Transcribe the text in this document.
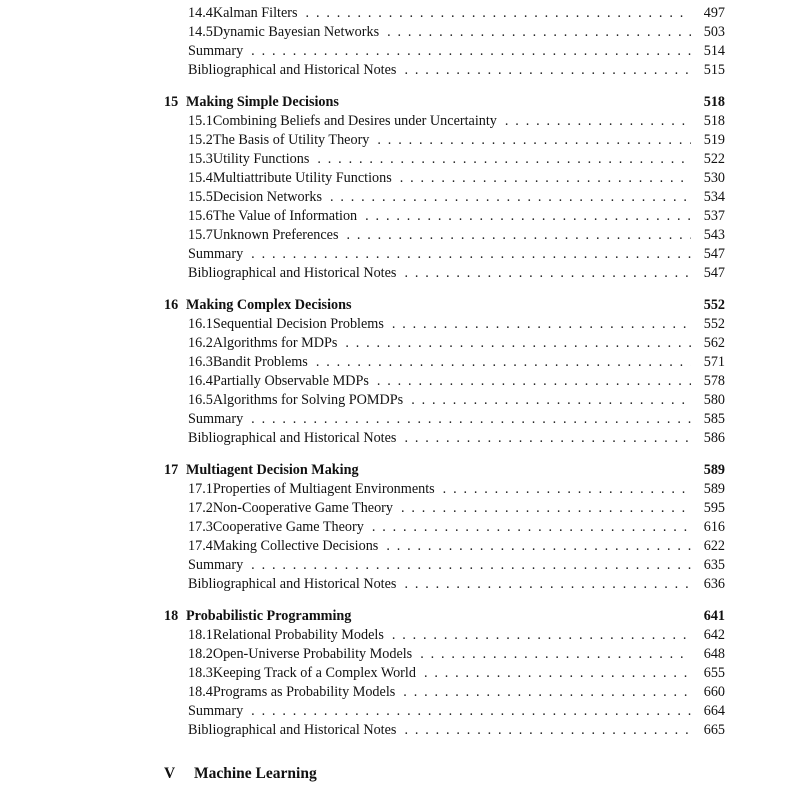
14.4 Kalman Filters . . .	497
14.5 Dynamic Bayesian Networks . . .	503
Summary . . .	514
Bibliographical and Historical Notes . . .	515
15 Making Simple Decisions	518
15.1 Combining Beliefs and Desires under Uncertainty . . .	518
15.2 The Basis of Utility Theory . . .	519
15.3 Utility Functions . . .	522
15.4 Multiattribute Utility Functions . . .	530
15.5 Decision Networks . . .	534
15.6 The Value of Information . . .	537
15.7 Unknown Preferences . . .	543
Summary . . .	547
Bibliographical and Historical Notes . . .	547
16 Making Complex Decisions	552
16.1 Sequential Decision Problems . . .	552
16.2 Algorithms for MDPs . . .	562
16.3 Bandit Problems . . .	571
16.4 Partially Observable MDPs . . .	578
16.5 Algorithms for Solving POMDPs . . .	580
Summary . . .	585
Bibliographical and Historical Notes . . .	586
17 Multiagent Decision Making	589
17.1 Properties of Multiagent Environments . . .	589
17.2 Non-Cooperative Game Theory . . .	595
17.3 Cooperative Game Theory . . .	616
17.4 Making Collective Decisions . . .	622
Summary . . .	635
Bibliographical and Historical Notes . . .	636
18 Probabilistic Programming	641
18.1 Relational Probability Models . . .	642
18.2 Open-Universe Probability Models . . .	648
18.3 Keeping Track of a Complex World . . .	655
18.4 Programs as Probability Models . . .	660
Summary . . .	664
Bibliographical and Historical Notes . . .	665
V	Machine Learning
